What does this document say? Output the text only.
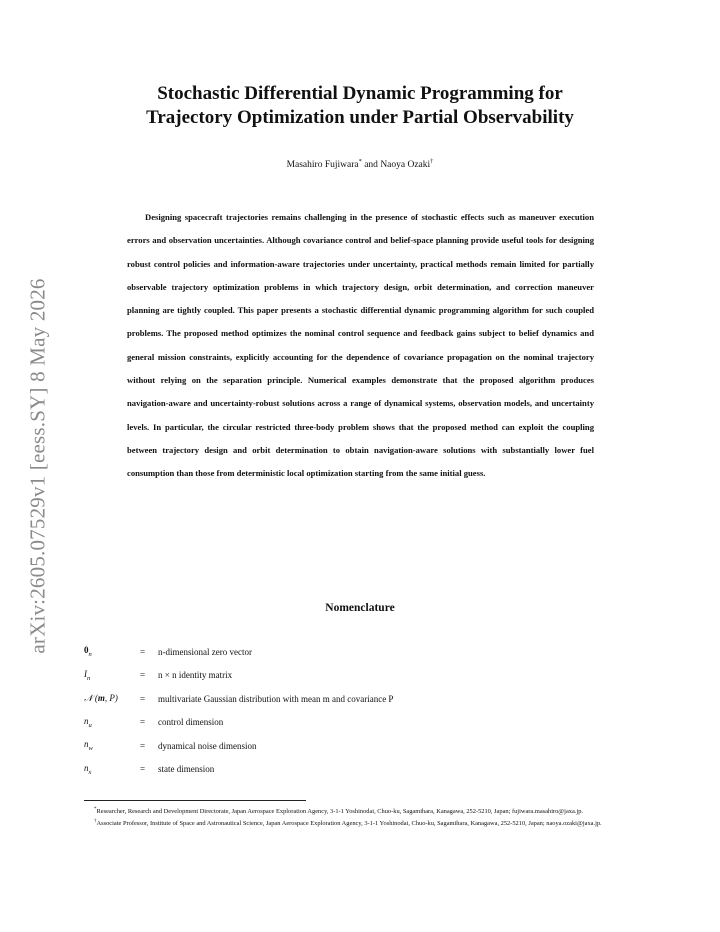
arXiv:2605.07529v1 [eess.SY] 8 May 2026
Stochastic Differential Dynamic Programming for
Trajectory Optimization under Partial Observability
Masahiro Fujiwara* and Naoya Ozaki†

Designing spacecraft trajectories remains challenging in the presence of stochastic effects such as maneuver execution errors and observation uncertainties. Although covariance control and belief-space planning provide useful tools for designing robust control policies and information-aware trajectories under uncertainty, practical methods remain limited for partially observable trajectory optimization problems in which trajectory design, orbit determination, and correction maneuver planning are tightly coupled. This paper presents a stochastic differential dynamic programming algorithm for such coupled problems. The proposed method optimizes the nominal control sequence and feedback gains subject to belief dynamics and general mission constraints, explicitly accounting for the dependence of covariance propagation on the nominal trajectory without relying on the separation principle. Numerical examples demonstrate that the proposed algorithm produces navigation-aware and uncertainty-robust solutions across a range of dynamical systems, observation models, and uncertainty levels. In particular, the circular restricted three-body problem shows that the proposed method can exploit the coupling between trajectory design and orbit determination to obtain navigation-aware solutions with substantially lower fuel consumption than those from deterministic local optimization starting from the same initial guess.

Nomenclature
$0_n$	=	n-dimensional zero vector
$I_n$	=	n × n identity matrix
𝒩 (m, P)	=	multivariate Gaussian distribution with mean m and covariance P
$n_u$	=	control dimension
$n_w$	=	dynamical noise dimension
$n_x$	=	state dimension

*Researcher, Research and Development Directorate, Japan Aerospace Exploration Agency, 3-1-1 Yoshinodai, Chuo-ku, Sagamihara, Kanagawa, 252-5210, Japan; fujiwara.masahiro@jaxa.jp.

†Associate Professor, Institute of Space and Astronautical Science, Japan Aerospace Exploration Agency, 3-1-1 Yoshinodai, Chuo-ku, Sagamihara, Kanagawa, 252-5210, Japan; naoya.ozaki@jaxa.jp.
